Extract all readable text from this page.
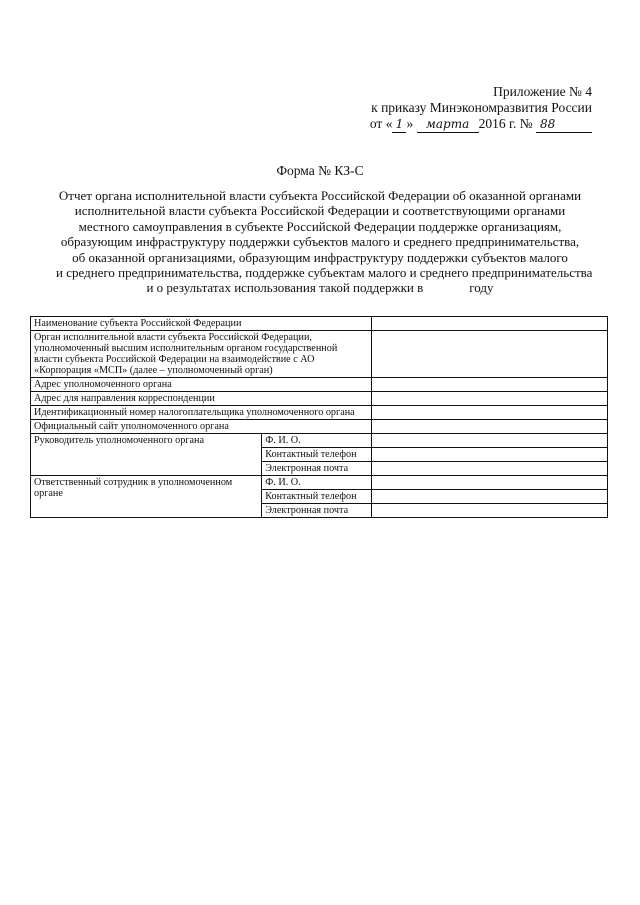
Приложение № 4
к приказу Минэкономразвития России
от « 1 » марта 2016 г. № 88
Форма № КЗ-С
Отчет органа исполнительной власти субъекта Российской Федерации об оказанной органами
исполнительной власти субъекта Российской Федерации и соответствующими органами
местного самоуправления в субъекте Российской Федерации поддержке организациям,
образующим инфраструктуру поддержки субъектов малого и среднего предпринимательства,
об оказанной организациями, образующим инфраструктуру поддержки субъектов малого
и среднего предпринимательства, поддержке субъектам малого и среднего предпринимательства
и о результатах использования такой поддержки в	году
Наименование субъекта Российской Федерации		
Орган исполнительной власти субъекта Российской Федерации, уполномоченный высшим исполнительным органом государственной власти субъекта Российской Федерации на взаимодействие с АО «Корпорация «МСП» (далее – уполномоченный орган)		
Адрес уполномоченного органа		
Адрес для направления корреспонденции		
Идентификационный номер налогоплательщика уполномоченного органа		
Официальный сайт уполномоченного органа		
Руководитель уполномоченного органа	Ф. И. О.	
	Контактный телефон	
	Электронная почта	
Ответственный сотрудник в уполномоченном органе	Ф. И. О.	
	Контактный телефон	
	Электронная почта	
